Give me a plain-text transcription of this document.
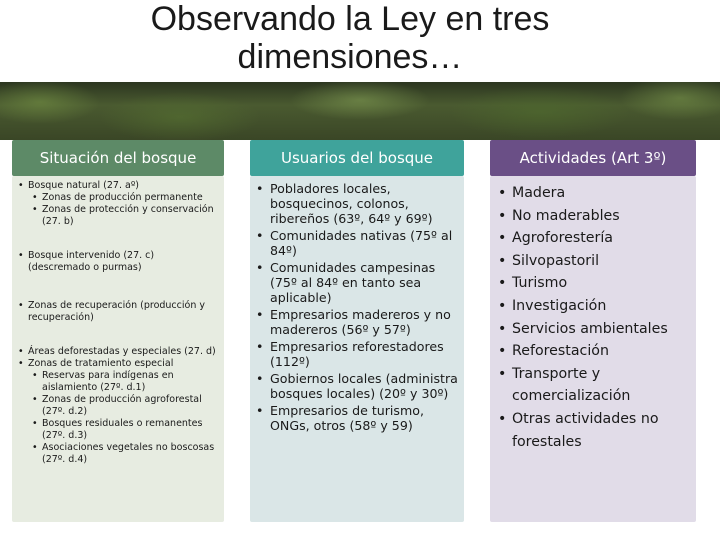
Observando la Ley en tres dimensiones…
Situación del bosque
• Bosque natural (27. aº)
• Zonas de producción permanente
• Zonas de protección y conservación (27. b)
• Bosque intervenido (27. c) (descremado o purmas)
• Zonas de recuperación (producción y recuperación)
• Áreas deforestadas y especiales (27. d)
• Zonas de tratamiento especial
• Reservas para indígenas en aislamiento (27º. d.1)
• Zonas de producción agroforestal (27º. d.2)
• Bosques residuales o remanentes (27º. d.3)
• Asociaciones vegetales no boscosas (27º. d.4)
Usuarios del bosque
• Pobladores locales, bosquecinos, colonos, ribereños (63º, 64º y 69º)
• Comunidades nativas (75º al 84º)
• Comunidades campesinas (75º al 84º en tanto sea aplicable)
• Empresarios madereros y no madereros (56º y 57º)
• Empresarios reforestadores (112º)
• Gobiernos locales (administra bosques locales) (20º y 30º)
• Empresarios de turismo, ONGs, otros (58º y 59)
Actividades (Art 3º)
• Madera
• No maderables
• Agroforestería
• Silvopastoril
• Turismo
• Investigación
• Servicios ambientales
• Reforestación
• Transporte y comercialización
• Otras actividades no forestales
